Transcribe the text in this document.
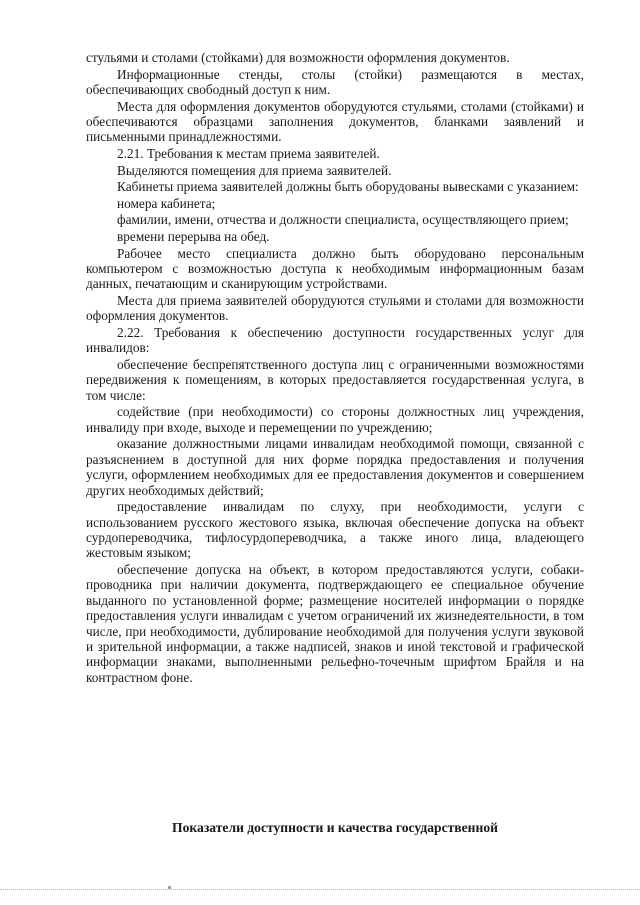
стульями и столами (стойками) для возможности оформления документов.

Информационные стенды, столы (стойки) размещаются в местах, обеспечивающих свободный доступ к ним.

Места для оформления документов оборудуются стульями, столами (стойками) и обеспечиваются образцами заполнения документов, бланками заявлений и письменными принадлежностями.

2.21. Требования к местам приема заявителей.

Выделяются помещения для приема заявителей.

Кабинеты приема заявителей должны быть оборудованы вывесками с указанием:

номера кабинета;

фамилии, имени, отчества и должности специалиста, осуществляющего прием;

времени перерыва на обед.

Рабочее место специалиста должно быть оборудовано персональным компьютером с возможностью доступа к необходимым информационным базам данных, печатающим и сканирующим устройствами.

Места для приема заявителей оборудуются стульями и столами для возможности оформления документов.

2.22. Требования к обеспечению доступности государственных услуг для инвалидов:

обеспечение беспрепятственного доступа лиц с ограниченными возможностями передвижения к помещениям, в которых предоставляется государственная услуга, в том числе:

содействие (при необходимости) со стороны должностных лиц учреждения, инвалиду при входе, выходе и перемещении по учреждению;

оказание должностными лицами инвалидам необходимой помощи, связанной с разъяснением в доступной для них форме порядка предоставления и получения услуги, оформлением необходимых для ее предоставления документов и совершением других необходимых действий;

предоставление инвалидам по слуху, при необходимости, услуги с использованием русского жестового языка, включая обеспечение допуска на объект сурдопереводчика, тифлосурдопереводчика, а также иного лица, владеющего жестовым языком;

обеспечение допуска на объект, в котором предоставляются услуги, собаки-проводника при наличии документа, подтверждающего ее специальное обучение выданного по установленной форме; размещение носителей информации о порядке предоставления услуги инвалидам с учетом ограничений их жизнедеятельности, в том числе, при необходимости, дублирование необходимой для получения услуги звуковой и зрительной информации, а также надписей, знаков и иной текстовой и графической информации знаками, выполненными рельефно-точечным шрифтом Брайля и на контрастном фоне.

Показатели доступности и качества государственной
